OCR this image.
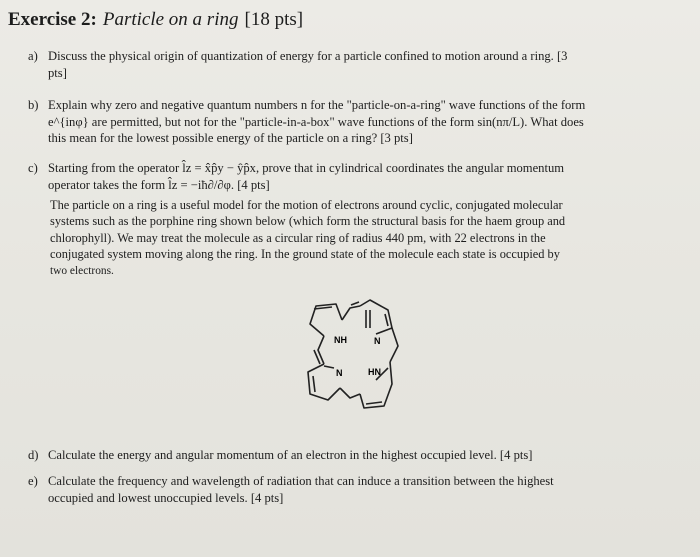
Exercise 2: Particle on a ring [18 pts]
a) Discuss the physical origin of quantization of energy for a particle confined to motion around a ring. [3
pts]
b) Explain why zero and negative quantum numbers n for the "particle-on-a-ring" wave functions of the form
e^{inφ} are permitted, but not for the "particle-in-a-box" wave functions of the form sin(nπ/L). What does
this mean for the lowest possible energy of the particle on a ring? [3 pts]
c) Starting from the operator l̂z = x̂p̂y − ŷp̂x, prove that in cylindrical coordinates the angular momentum
operator takes the form l̂z = −iħ∂/∂φ. [4 pts]
The particle on a ring is a useful model for the motion of electrons around cyclic, conjugated molecular
systems such as the porphine ring shown below (which form the structural basis for the haem group and
chlorophyll). We may treat the molecule as a circular ring of radius 440 pm, with 22 electrons in the
conjugated system moving along the ring. In the ground state of the molecule each state is occupied by
two electrons.
NH	N
N	HN
d) Calculate the energy and angular momentum of an electron in the highest occupied level. [4 pts]
e) Calculate the frequency and wavelength of radiation that can induce a transition between the highest
occupied and lowest unoccupied levels. [4 pts]
